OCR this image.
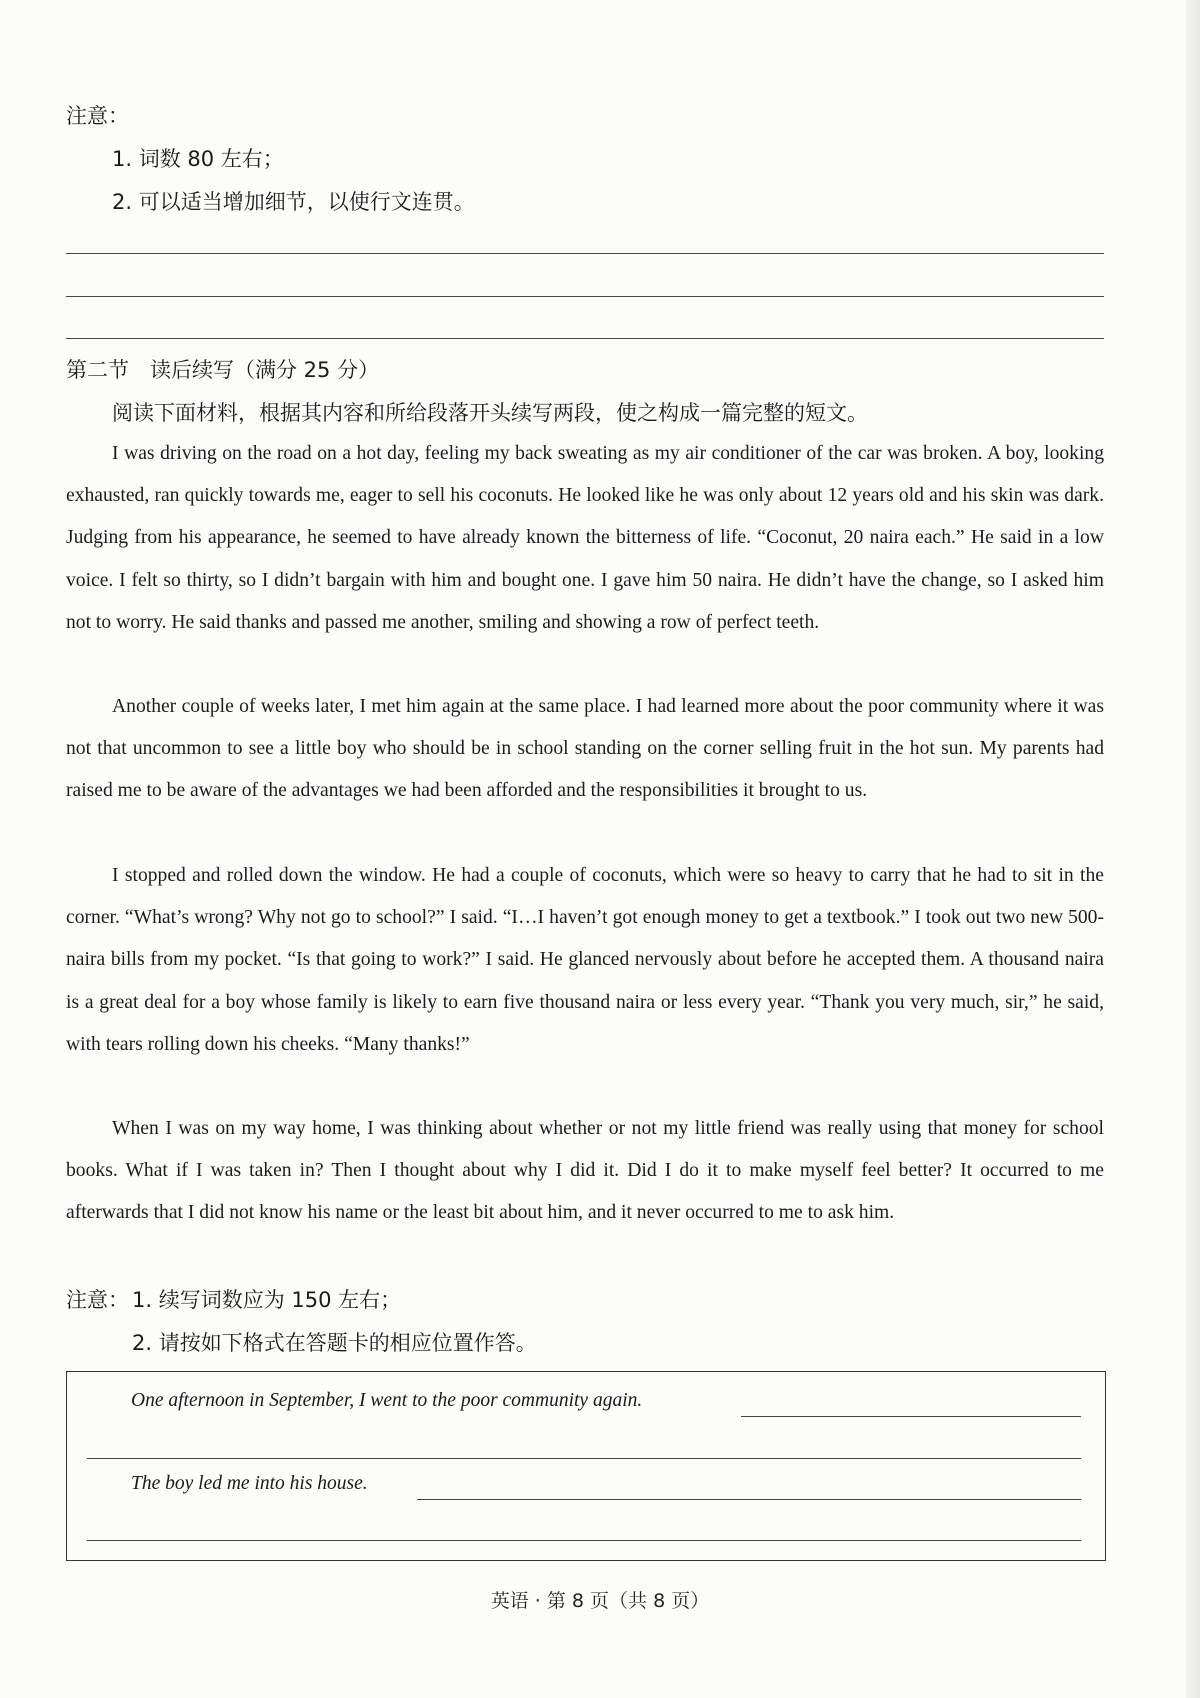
注意：
1. 词数 80 左右；
2. 可以适当增加细节，以使行文连贯。
第二节　读后续写（满分 25 分）
阅读下面材料，根据其内容和所给段落开头续写两段，使之构成一篇完整的短文。
I was driving on the road on a hot day, feeling my back sweating as my air conditioner of the car was broken. A boy, looking exhausted, ran quickly towards me, eager to sell his coconuts. He looked like he was only about 12 years old and his skin was dark. Judging from his appearance, he seemed to have already known the bitterness of life. “Coconut, 20 naira each.” He said in a low voice. I felt so thirty, so I didn’t bargain with him and bought one. I gave him 50 naira. He didn’t have the change, so I asked him not to worry. He said thanks and passed me another, smiling and showing a row of perfect teeth.
Another couple of weeks later, I met him again at the same place. I had learned more about the poor community where it was not that uncommon to see a little boy who should be in school standing on the corner selling fruit in the hot sun. My parents had raised me to be aware of the advantages we had been afforded and the responsibilities it brought to us.
I stopped and rolled down the window. He had a couple of coconuts, which were so heavy to carry that he had to sit in the corner. “What’s wrong? Why not go to school?” I said. “I…I haven’t got enough money to get a textbook.” I took out two new 500-naira bills from my pocket. “Is that going to work?” I said. He glanced nervously about before he accepted them. A thousand naira is a great deal for a boy whose family is likely to earn five thousand naira or less every year. “Thank you very much, sir,” he said, with tears rolling down his cheeks. “Many thanks!”
When I was on my way home, I was thinking about whether or not my little friend was really using that money for school books. What if I was taken in? Then I thought about why I did it. Did I do it to make myself feel better? It occurred to me afterwards that I did not know his name or the least bit about him, and it never occurred to me to ask him.
注意： 1. 续写词数应为 150 左右；
2. 请按如下格式在答题卡的相应位置作答。
One afternoon in September, I went to the poor community again.
The boy led me into his house.
英语 · 第 8 页（共 8 页）
